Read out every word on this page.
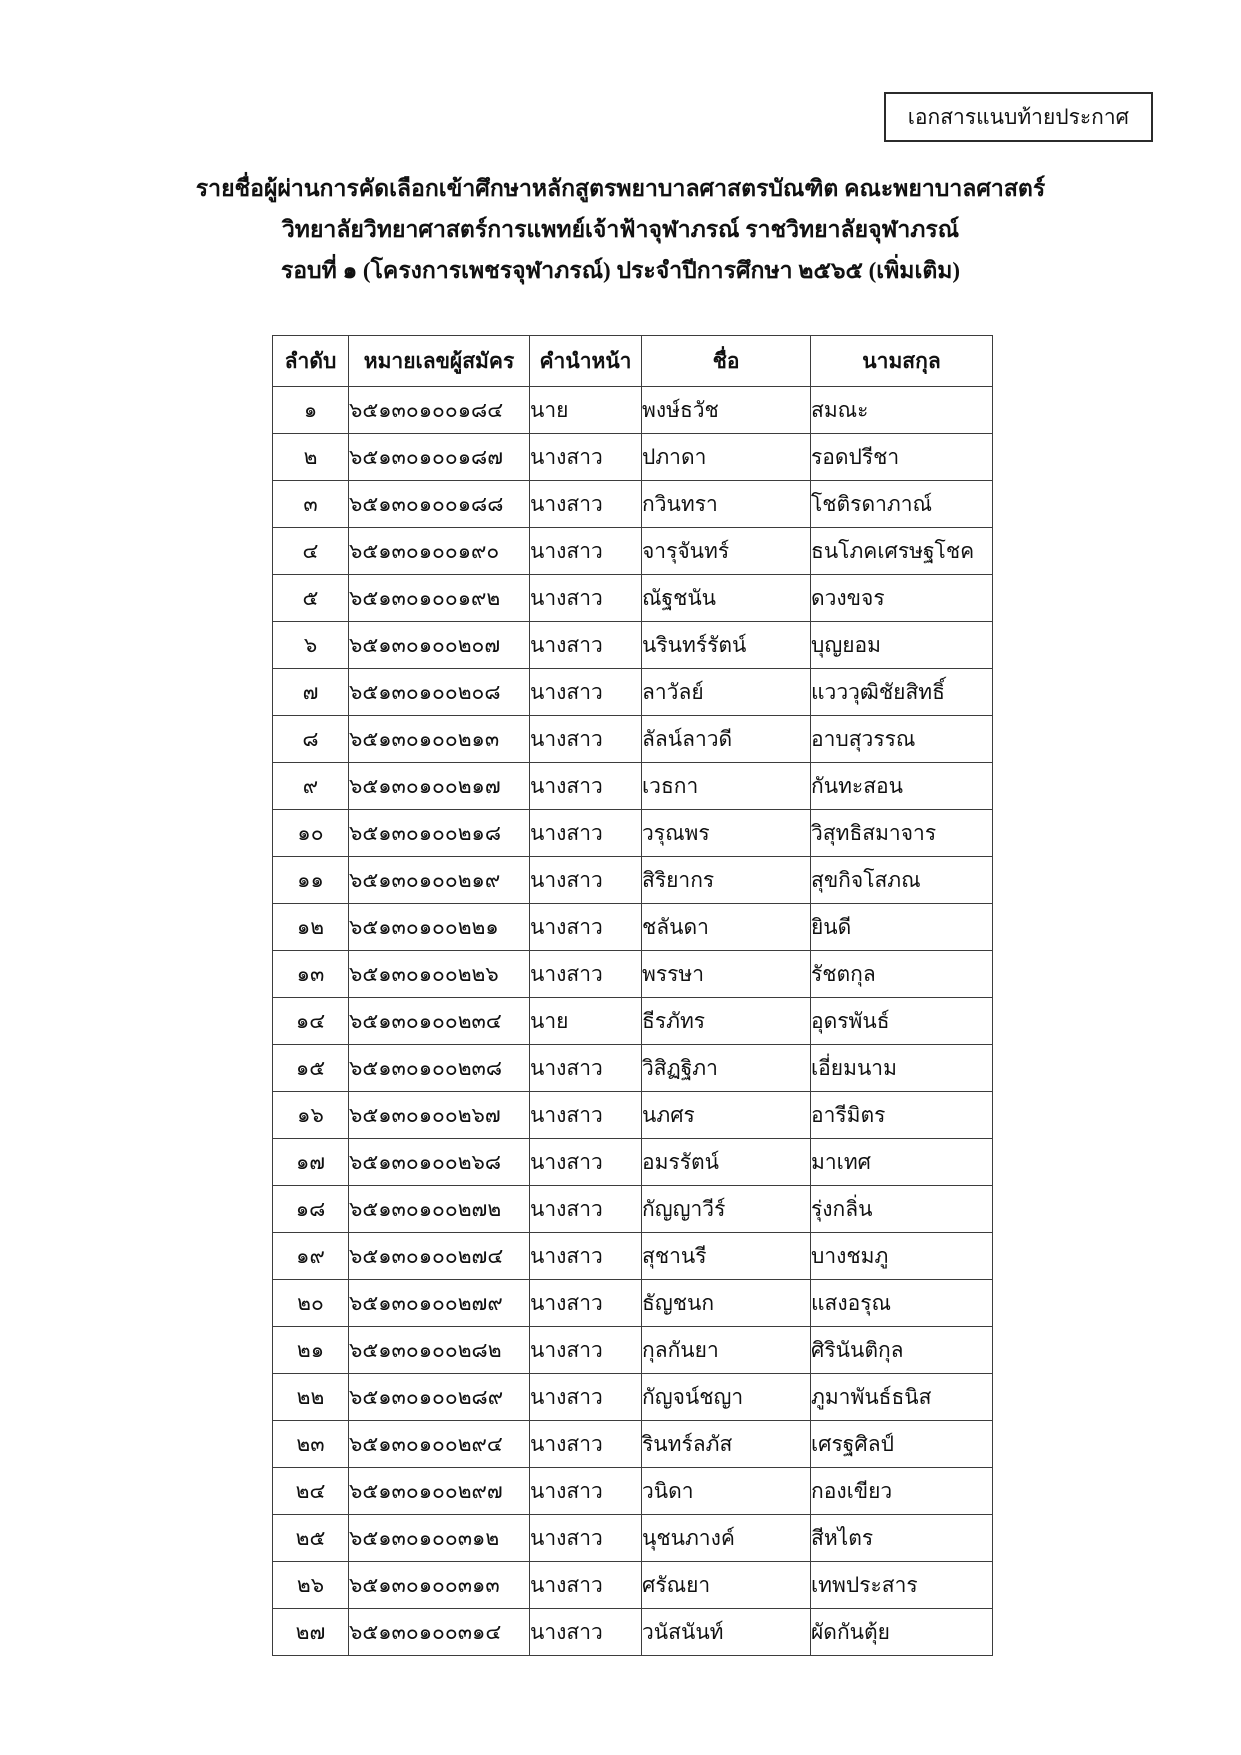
เอกสารแนบท้ายประกาศ
รายชื่อผู้ผ่านการคัดเลือกเข้าศึกษาหลักสูตรพยาบาลศาสตรบัณฑิต คณะพยาบาลศาสตร์
วิทยาลัยวิทยาศาสตร์การแพทย์เจ้าฟ้าจุฬาภรณ์ ราชวิทยาลัยจุฬาภรณ์
รอบที่ ๑ (โครงการเพชรจุฬาภรณ์) ประจำปีการศึกษา ๒๕๖๕ (เพิ่มเติม)
ลำดับ	หมายเลขผู้สมัคร	คำนำหน้า	ชื่อ	นามสกุล
๑	๖๕๑๓๐๑๐๐๑๘๔	นาย	พงษ์ธวัช	สมณะ
๒	๖๕๑๓๐๑๐๐๑๘๗	นางสาว	ปภาดา	รอดปรีชา
๓	๖๕๑๓๐๑๐๐๑๘๘	นางสาว	กวินทรา	โชติรดาภาณ์
๔	๖๕๑๓๐๑๐๐๑๙๐	นางสาว	จารุจันทร์	ธนโภคเศรษฐโชค
๕	๖๕๑๓๐๑๐๐๑๙๒	นางสาว	ณัฐชนัน	ดวงขจร
๖	๖๕๑๓๐๑๐๐๒๐๗	นางสาว	นรินทร์รัตน์	บุญยอม
๗	๖๕๑๓๐๑๐๐๒๐๘	นางสาว	ลาวัลย์	แวววุฒิชัยสิทธิ์
๘	๖๕๑๓๐๑๐๐๒๑๓	นางสาว	ลัลน์ลาวดี	อาบสุวรรณ
๙	๖๕๑๓๐๑๐๐๒๑๗	นางสาว	เวธกา	กันทะสอน
๑๐	๖๕๑๓๐๑๐๐๒๑๘	นางสาว	วรุณพร	วิสุทธิสมาจาร
๑๑	๖๕๑๓๐๑๐๐๒๑๙	นางสาว	สิริยากร	สุขกิจโสภณ
๑๒	๖๕๑๓๐๑๐๐๒๒๑	นางสาว	ชลันดา	ยินดี
๑๓	๖๕๑๓๐๑๐๐๒๒๖	นางสาว	พรรษา	รัชตกุล
๑๔	๖๕๑๓๐๑๐๐๒๓๔	นาย	ธีรภัทร	อุดรพันธ์
๑๕	๖๕๑๓๐๑๐๐๒๓๘	นางสาว	วิสิฏฐิภา	เอี่ยมนาม
๑๖	๖๕๑๓๐๑๐๐๒๖๗	นางสาว	นภศร	อารีมิตร
๑๗	๖๕๑๓๐๑๐๐๒๖๘	นางสาว	อมรรัตน์	มาเทศ
๑๘	๖๕๑๓๐๑๐๐๒๗๒	นางสาว	กัญญาวีร์	รุ่งกลิ่น
๑๙	๖๕๑๓๐๑๐๐๒๗๔	นางสาว	สุชานรี	บางชมภู
๒๐	๖๕๑๓๐๑๐๐๒๗๙	นางสาว	ธัญชนก	แสงอรุณ
๒๑	๖๕๑๓๐๑๐๐๒๘๒	นางสาว	กุลกันยา	ศิรินันติกุล
๒๒	๖๕๑๓๐๑๐๐๒๘๙	นางสาว	กัญจน์ชญา	ภูมาพันธ์ธนิส
๒๓	๖๕๑๓๐๑๐๐๒๙๔	นางสาว	รินทร์ลภัส	เศรฐศิลป์
๒๔	๖๕๑๓๐๑๐๐๒๙๗	นางสาว	วนิดา	กองเขียว
๒๕	๖๕๑๓๐๑๐๐๓๑๒	นางสาว	นุชนภางค์	สีหไตร
๒๖	๖๕๑๓๐๑๐๐๓๑๓	นางสาว	ศรัณยา	เทพประสาร
๒๗	๖๕๑๓๐๑๐๐๓๑๔	นางสาว	วนัสนันท์	ผัดกันตุ้ย
